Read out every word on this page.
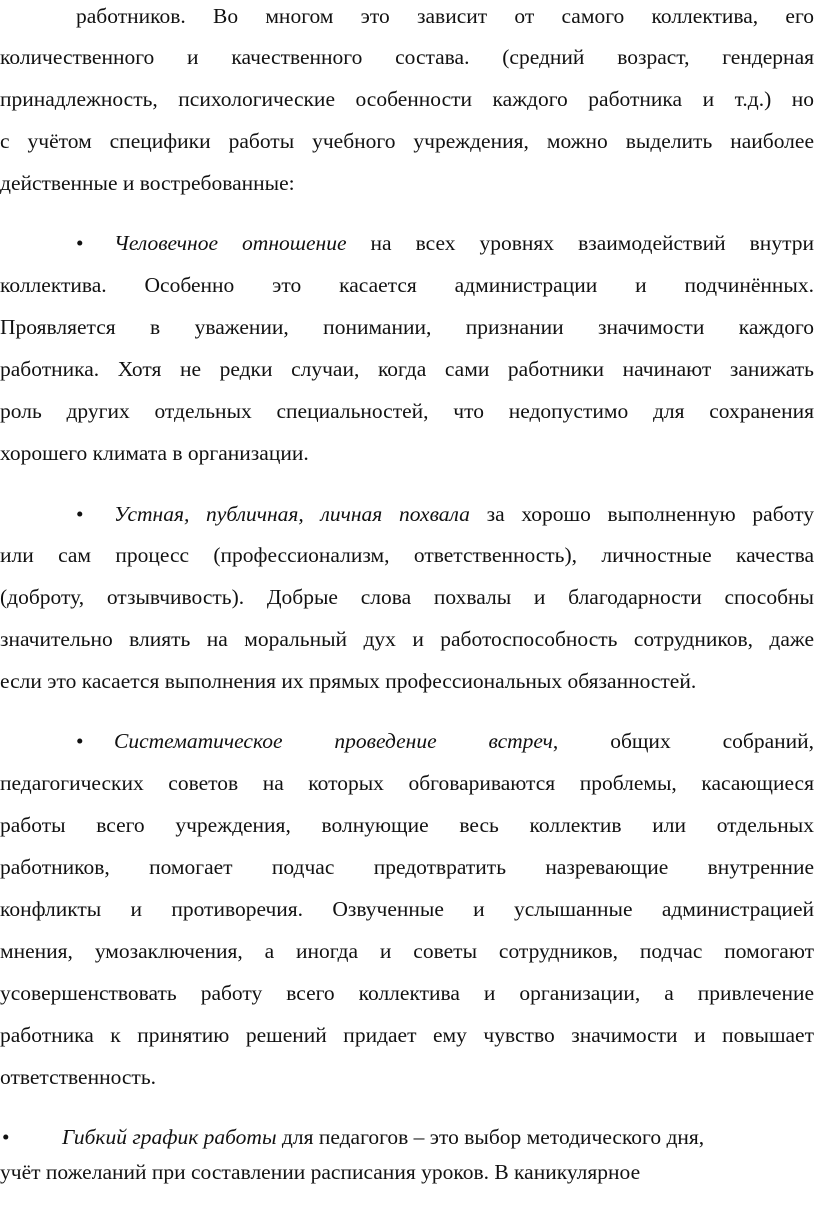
работников. Во многом это зависит от самого коллектива, его
количественного и качественного состава. (средний возраст, гендерная
принадлежность, психологические особенности каждого работника и т.д.) но
с учётом специфики работы учебного учреждения, можно выделить наиболее
действенные и востребованные:
• Человечное отношение на всех уровнях взаимодействий внутри
коллектива. Особенно это касается администрации и подчинённых.
Проявляется в уважении, понимании, признании значимости каждого
работника. Хотя не редки случаи, когда сами работники начинают занижать
роль других отдельных специальностей, что недопустимо для сохранения
хорошего климата в организации.
• Устная, публичная, личная похвала за хорошо выполненную работу
или сам процесс (профессионализм, ответственность), личностные качества
(доброту, отзывчивость). Добрые слова похвалы и благодарности способны
значительно влиять на моральный дух и работоспособность сотрудников, даже
если это касается выполнения их прямых профессиональных обязанностей.
• Систематическое проведение встреч, общих собраний,
педагогических советов на которых обговариваются проблемы, касающиеся
работы всего учреждения, волнующие весь коллектив или отдельных
работников, помогает подчас предотвратить назревающие внутренние
конфликты и противоречия. Озвученные и услышанные администрацией
мнения, умозаключения, а иногда и советы сотрудников, подчас помогают
усовершенствовать работу всего коллектива и организации, а привлечение
работника к принятию решений придает ему чувство значимости и повышает
ответственность.
• Гибкий график работы для педагогов – это выбор методического дня,
учёт пожеланий при составлении расписания уроков. В каникулярное
